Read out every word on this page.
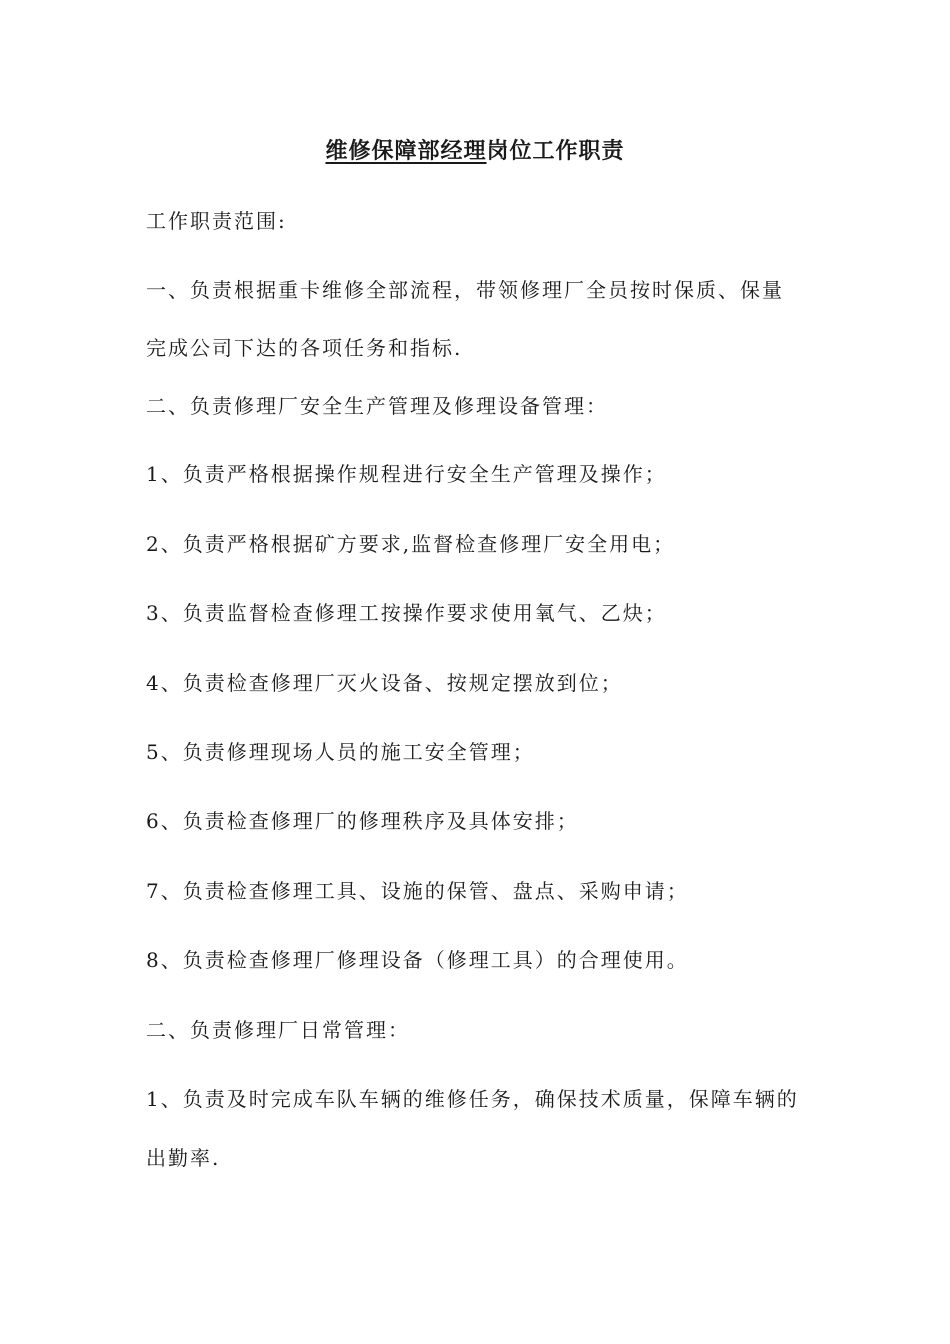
维修保障部经理岗位工作职责
工作职责范围:
一、负责根据重卡维修全部流程，带领修理厂全员按时保质、保量
完成公司下达的各项任务和指标.
二、负责修理厂安全生产管理及修理设备管理：
1、负责严格根据操作规程进行安全生产管理及操作；
2、负责严格根据矿方要求,监督检查修理厂安全用电；
3、负责监督检查修理工按操作要求使用氧气、乙炔；
4、负责检查修理厂灭火设备、按规定摆放到位；
5、负责修理现场人员的施工安全管理；
6、负责检查修理厂的修理秩序及具体安排；
7、负责检查修理工具、设施的保管、盘点、采购申请；
8、负责检查修理厂修理设备（修理工具）的合理使用。
二、负责修理厂日常管理：
1、负责及时完成车队车辆的维修任务，确保技术质量，保障车辆的
出勤率.
